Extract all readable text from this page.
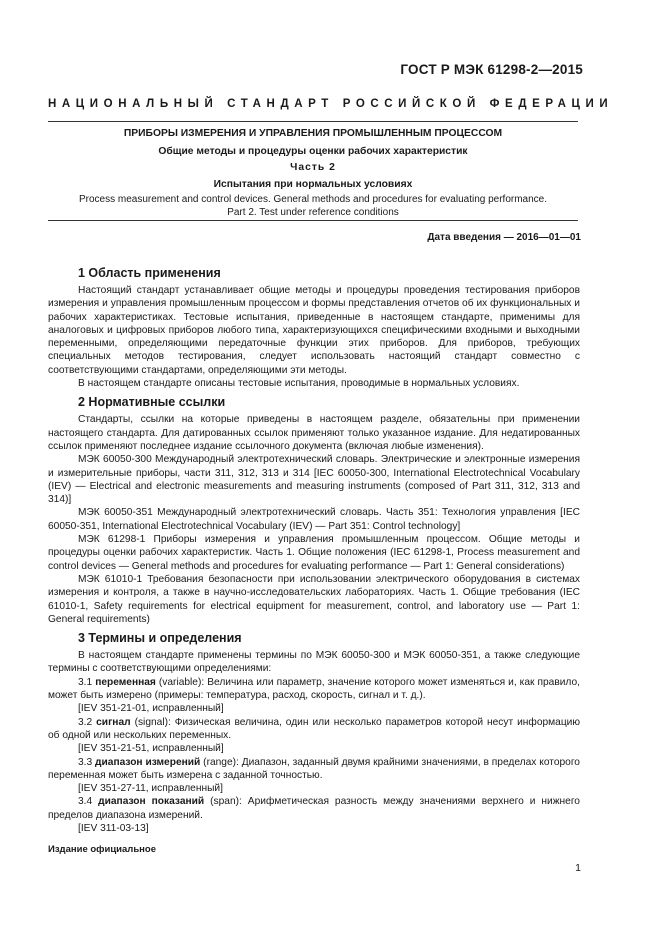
ГОСТ Р МЭК 61298-2—2015
НАЦИОНАЛЬНЫЙ СТАНДАРТ РОССИЙСКОЙ ФЕДЕРАЦИИ
ПРИБОРЫ ИЗМЕРЕНИЯ И УПРАВЛЕНИЯ ПРОМЫШЛЕННЫМ ПРОЦЕССОМ
Общие методы и процедуры оценки рабочих характеристик
Часть 2
Испытания при нормальных условиях
Process measurement and control devices. General methods and procedures for evaluating performance.
Part 2. Test under reference conditions
Дата введения — 2016—01—01
1 Область применения

Настоящий стандарт устанавливает общие методы и процедуры проведения тестирования приборов измерения и управления промышленным процессом и формы представления отчетов об их функциональных и рабочих характеристиках. Тестовые испытания, приведенные в настоящем стандарте, применимы для аналоговых и цифровых приборов любого типа, характеризующихся специфическими входными и выходными переменными, определяющими передаточные функции этих приборов. Для приборов, требующих специальных методов тестирования, следует использовать настоящий стандарт совместно с соответствующими стандартами, определяющими эти методы.

В настоящем стандарте описаны тестовые испытания, проводимые в нормальных условиях.

2 Нормативные ссылки

Стандарты, ссылки на которые приведены в настоящем разделе, обязательны при применении настоящего стандарта. Для датированных ссылок применяют только указанное издание. Для недатированных ссылок применяют последнее издание ссылочного документа (включая любые изменения).

МЭК 60050-300 Международный электротехнический словарь. Электрические и электронные измерения и измерительные приборы, части 311, 312, 313 и 314 [IEC 60050-300, International Electrotechnical Vocabulary (IEV) — Electrical and electronic measurements and measuring instruments (composed of Part 311, 312, 313 and 314)]

МЭК 60050-351 Международный электротехнический словарь. Часть 351: Технология управления [IEC 60050-351, International Electrotechnical Vocabulary (IEV) — Part 351: Control technology]

МЭК 61298-1 Приборы измерения и управления промышленным процессом. Общие методы и процедуры оценки рабочих характеристик. Часть 1. Общие положения (IEC 61298-1, Process measurement and control devices — General methods and procedures for evaluating performance — Part 1: General considerations)

МЭК 61010-1 Требования безопасности при использовании электрического оборудования в системах измерения и контроля, а также в научно-исследовательских лабораториях. Часть 1. Общие требования (IEC 61010-1, Safety requirements for electrical equipment for measurement, control, and laboratory use — Part 1: General requirements)

3 Термины и определения

В настоящем стандарте применены термины по МЭК 60050-300 и МЭК 60050-351, а также следующие термины с соответствующими определениями:

3.1 переменная (variable): Величина или параметр, значение которого может изменяться и, как правило, может быть измерено (примеры: температура, расход, скорость, сигнал и т. д.).

[IEV 351-21-01, исправленный]

3.2 сигнал (signal): Физическая величина, один или несколько параметров которой несут информацию об одной или нескольких переменных.

[IEV 351-21-51, исправленный]

3.3 диапазон измерений (range): Диапазон, заданный двумя крайними значениями, в пределах которого переменная может быть измерена с заданной точностью.

[IEV 351-27-11, исправленный]

3.4 диапазон показаний (span): Арифметическая разность между значениями верхнего и нижнего пределов диапазона измерений.

[IEV 311-03-13]

Издание официальное
1
